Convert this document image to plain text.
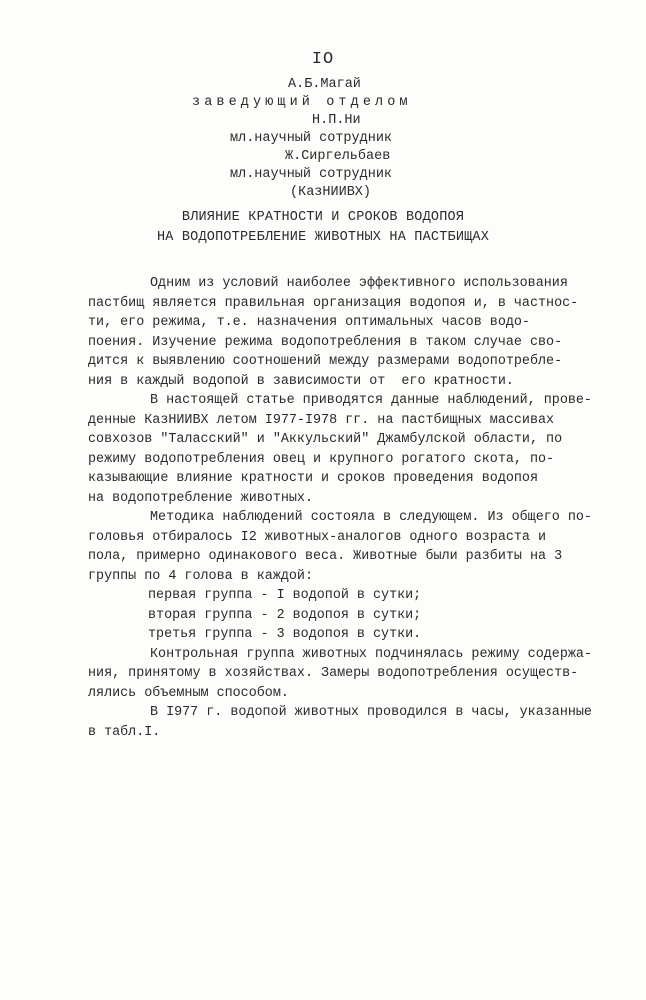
IO
А.Б.Магай
заведующий отделом
Н.П.Ни
мл.научный сотрудник
Ж.Сиргельбаев
мл.научный сотрудник
(КазНИИВХ)
ВЛИЯНИЕ КРАТНОСТИ И СРОКОВ ВОДОПОЯ
НА ВОДОПОТРЕБЛЕНИЕ ЖИВОТНЫХ НА ПАСТБИЩАХ
Одним из условий наиболее эффективного использования
пастбищ является правильная организация водопоя и, в частнос-
ти, его режима, т.е. назначения оптимальных часов водо-
поения. Изучение режима водопотребления в таком случае сво-
дится к выявлению соотношений между размерами водопотребле-
ния в каждый водопой в зависимости от  его кратности.
В настоящей статье приводятся данные наблюдений, прове-
денные КазНИИВХ летом I977-I978 гг. на пастбищных массивах
совхозов "Таласский" и "Аккульский" Джамбулской области, по
режиму водопотребления овец и крупного рогатого скота, по-
казывающие влияние кратности и сроков проведения водопоя
на водопотребление животных.
Методика наблюдений состояла в следующем. Из общего по-
головья отбиралось I2 животных-аналогов одного возраста и
пола, примерно одинакового веса. Животные были разбиты на 3
группы по 4 голова в каждой:
первая группа - I водопой в сутки;
вторая группа - 2 водопоя в сутки;
третья группа - 3 водопоя в сутки.
Контрольная группа животных подчинялась режиму содержа-
ния, принятому в хозяйствах. Замеры водопотребления осуществ-
лялись объемным способом.
В I977 г. водопой животных проводился в часы, указанные
в табл.I.
